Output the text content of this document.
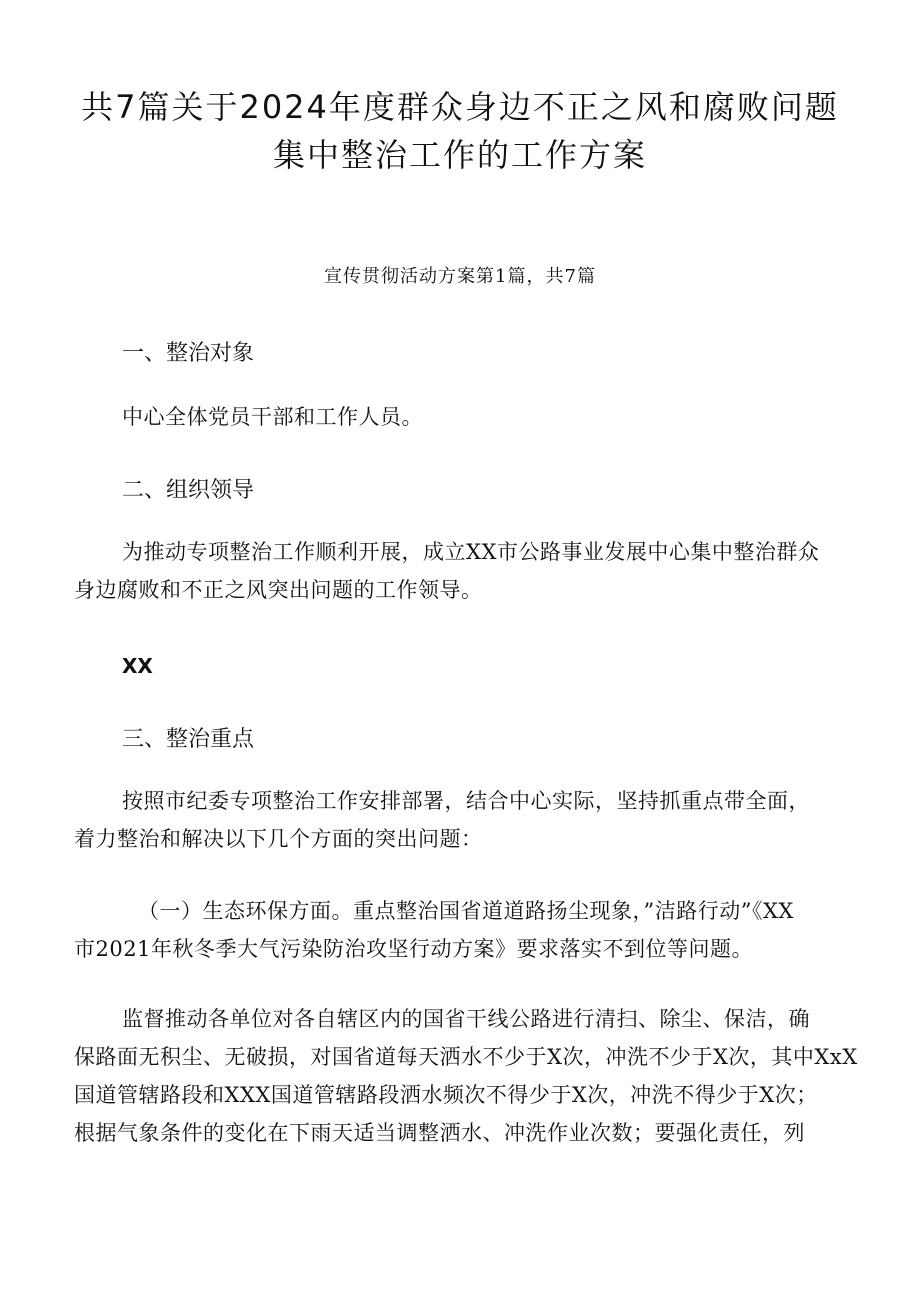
共7篇关于2024年度群众身边不正之风和腐败问题
集中整治工作的工作方案
宣传贯彻活动方案第1篇，共7篇
一、整治对象
中心全体党员干部和工作人员。
二、组织领导
为推动专项整治工作顺利开展，成立XX市公路事业发展中心集中整治群众
身边腐败和不正之风突出问题的工作领导。
XX
三、整治重点
按照市纪委专项整治工作安排部署，结合中心实际，坚持抓重点带全面，
着力整治和解决以下几个方面的突出问题：
（一）生态环保方面。重点整治国省道道路扬尘现象，”洁路行动”《XX
市2021年秋冬季大气污染防治攻坚行动方案》要求落实不到位等问题。
监督推动各单位对各自辖区内的国省干线公路进行清扫、除尘、保洁，确
保路面无积尘、无破损，对国省道每天洒水不少于X次，冲洗不少于X次，其中XxX
国道管辖路段和XXX国道管辖路段洒水频次不得少于X次，冲洗不得少于X次；
根据气象条件的变化在下雨天适当调整洒水、冲洗作业次数；要强化责任，列
